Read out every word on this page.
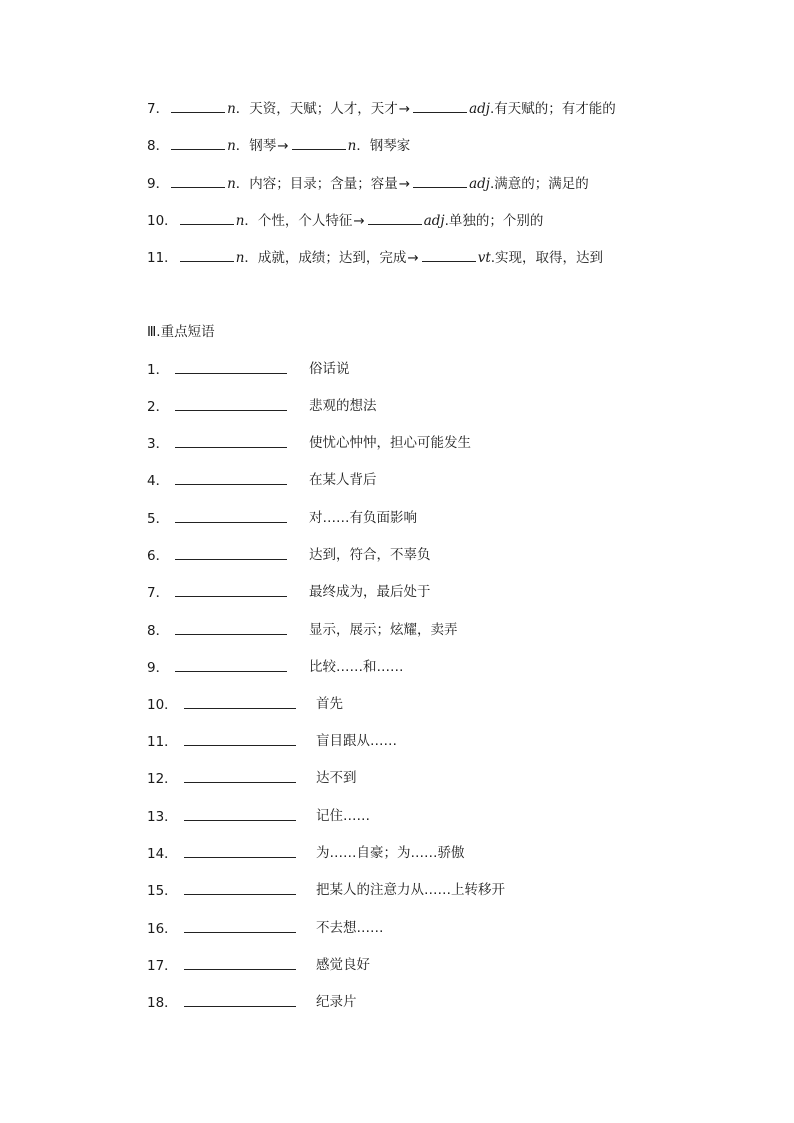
7．	n．天资，天赋；人才，天才→	adj.有天赋的；有才能的
8．	n．钢琴→	n．钢琴家
9．	n．内容；目录；含量；容量→	adj.满意的；满足的
10．	n．个性，个人特征→	adj.单独的；个别的
11．	n．成就，成绩；达到，完成→	vt.实现，取得，达到
Ⅲ.重点短语
1．	俗话说
2．	悲观的想法
3．	使忧心忡忡，担心可能发生
4．	在某人背后
5．	对……有负面影响
6．	达到，符合，不辜负
7．	最终成为，最后处于
8．	显示，展示；炫耀，卖弄
9．	比较……和……
10．	首先
11．	盲目跟从……
12．	达不到
13．	记住……
14．	为……自豪；为……骄傲
15．	把某人的注意力从……上转移开
16．	不去想……
17．	感觉良好
18．	纪录片
